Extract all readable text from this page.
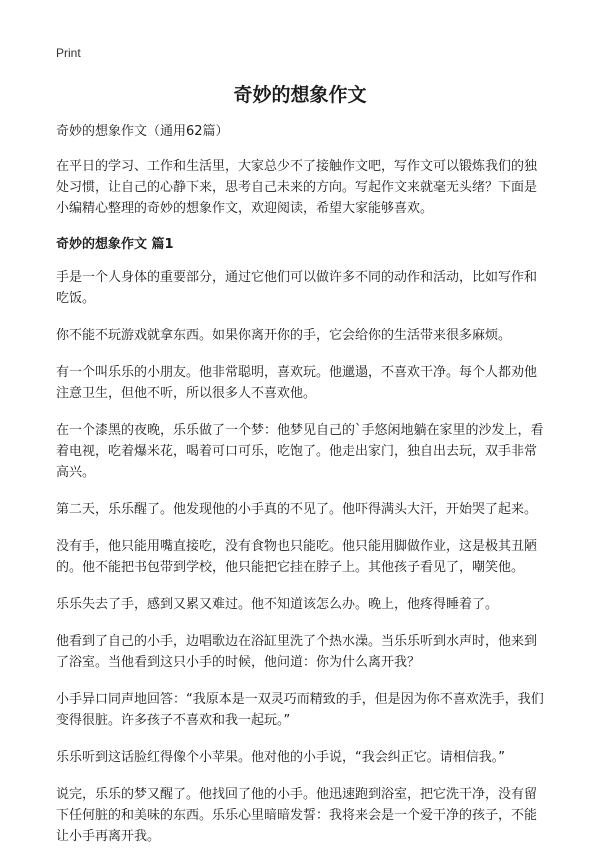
Print
奇妙的想象作文

奇妙的想象作文（通用62篇）

在平日的学习、工作和生活里，大家总少不了接触作文吧，写作文可以锻炼我们的独处习惯，让自己的心静下来，思考自己未来的方向。写起作文来就毫无头绪？下面是小编精心整理的奇妙的想象作文，欢迎阅读，希望大家能够喜欢。

奇妙的想象作文 篇1

手是一个人身体的重要部分，通过它他们可以做许多不同的动作和活动，比如写作和吃饭。

你不能不玩游戏就拿东西。如果你离开你的手，它会给你的生活带来很多麻烦。

有一个叫乐乐的小朋友。他非常聪明，喜欢玩。他邋遢，不喜欢干净。每个人都劝他注意卫生，但他不听，所以很多人不喜欢他。

在一个漆黑的夜晚，乐乐做了一个梦：他梦见自己的`手悠闲地躺在家里的沙发上，看着电视，吃着爆米花，喝着可口可乐，吃饱了。他走出家门，独自出去玩，双手非常高兴。

第二天，乐乐醒了。他发现他的小手真的不见了。他吓得满头大汗，开始哭了起来。

没有手，他只能用嘴直接吃，没有食物也只能吃。他只能用脚做作业，这是极其丑陋的。他不能把书包带到学校，他只能把它挂在脖子上。其他孩子看见了，嘲笑他。

乐乐失去了手，感到又累又难过。他不知道该怎么办。晚上，他疼得睡着了。

他看到了自己的小手，边唱歌边在浴缸里洗了个热水澡。当乐乐听到水声时，他来到了浴室。当他看到这只小手的时候，他问道：你为什么离开我？

小手异口同声地回答：“我原本是一双灵巧而精致的手，但是因为你不喜欢洗手，我们变得很脏。许多孩子不喜欢和我一起玩。”

乐乐听到这话脸红得像个小苹果。他对他的小手说，“我会纠正它。请相信我。”

说完，乐乐的梦又醒了。他找回了他的小手。他迅速跑到浴室，把它洗干净，没有留下任何脏的和美味的东西。乐乐心里暗暗发誓：我将来会是一个爱干净的孩子，不能让小手再离开我。
